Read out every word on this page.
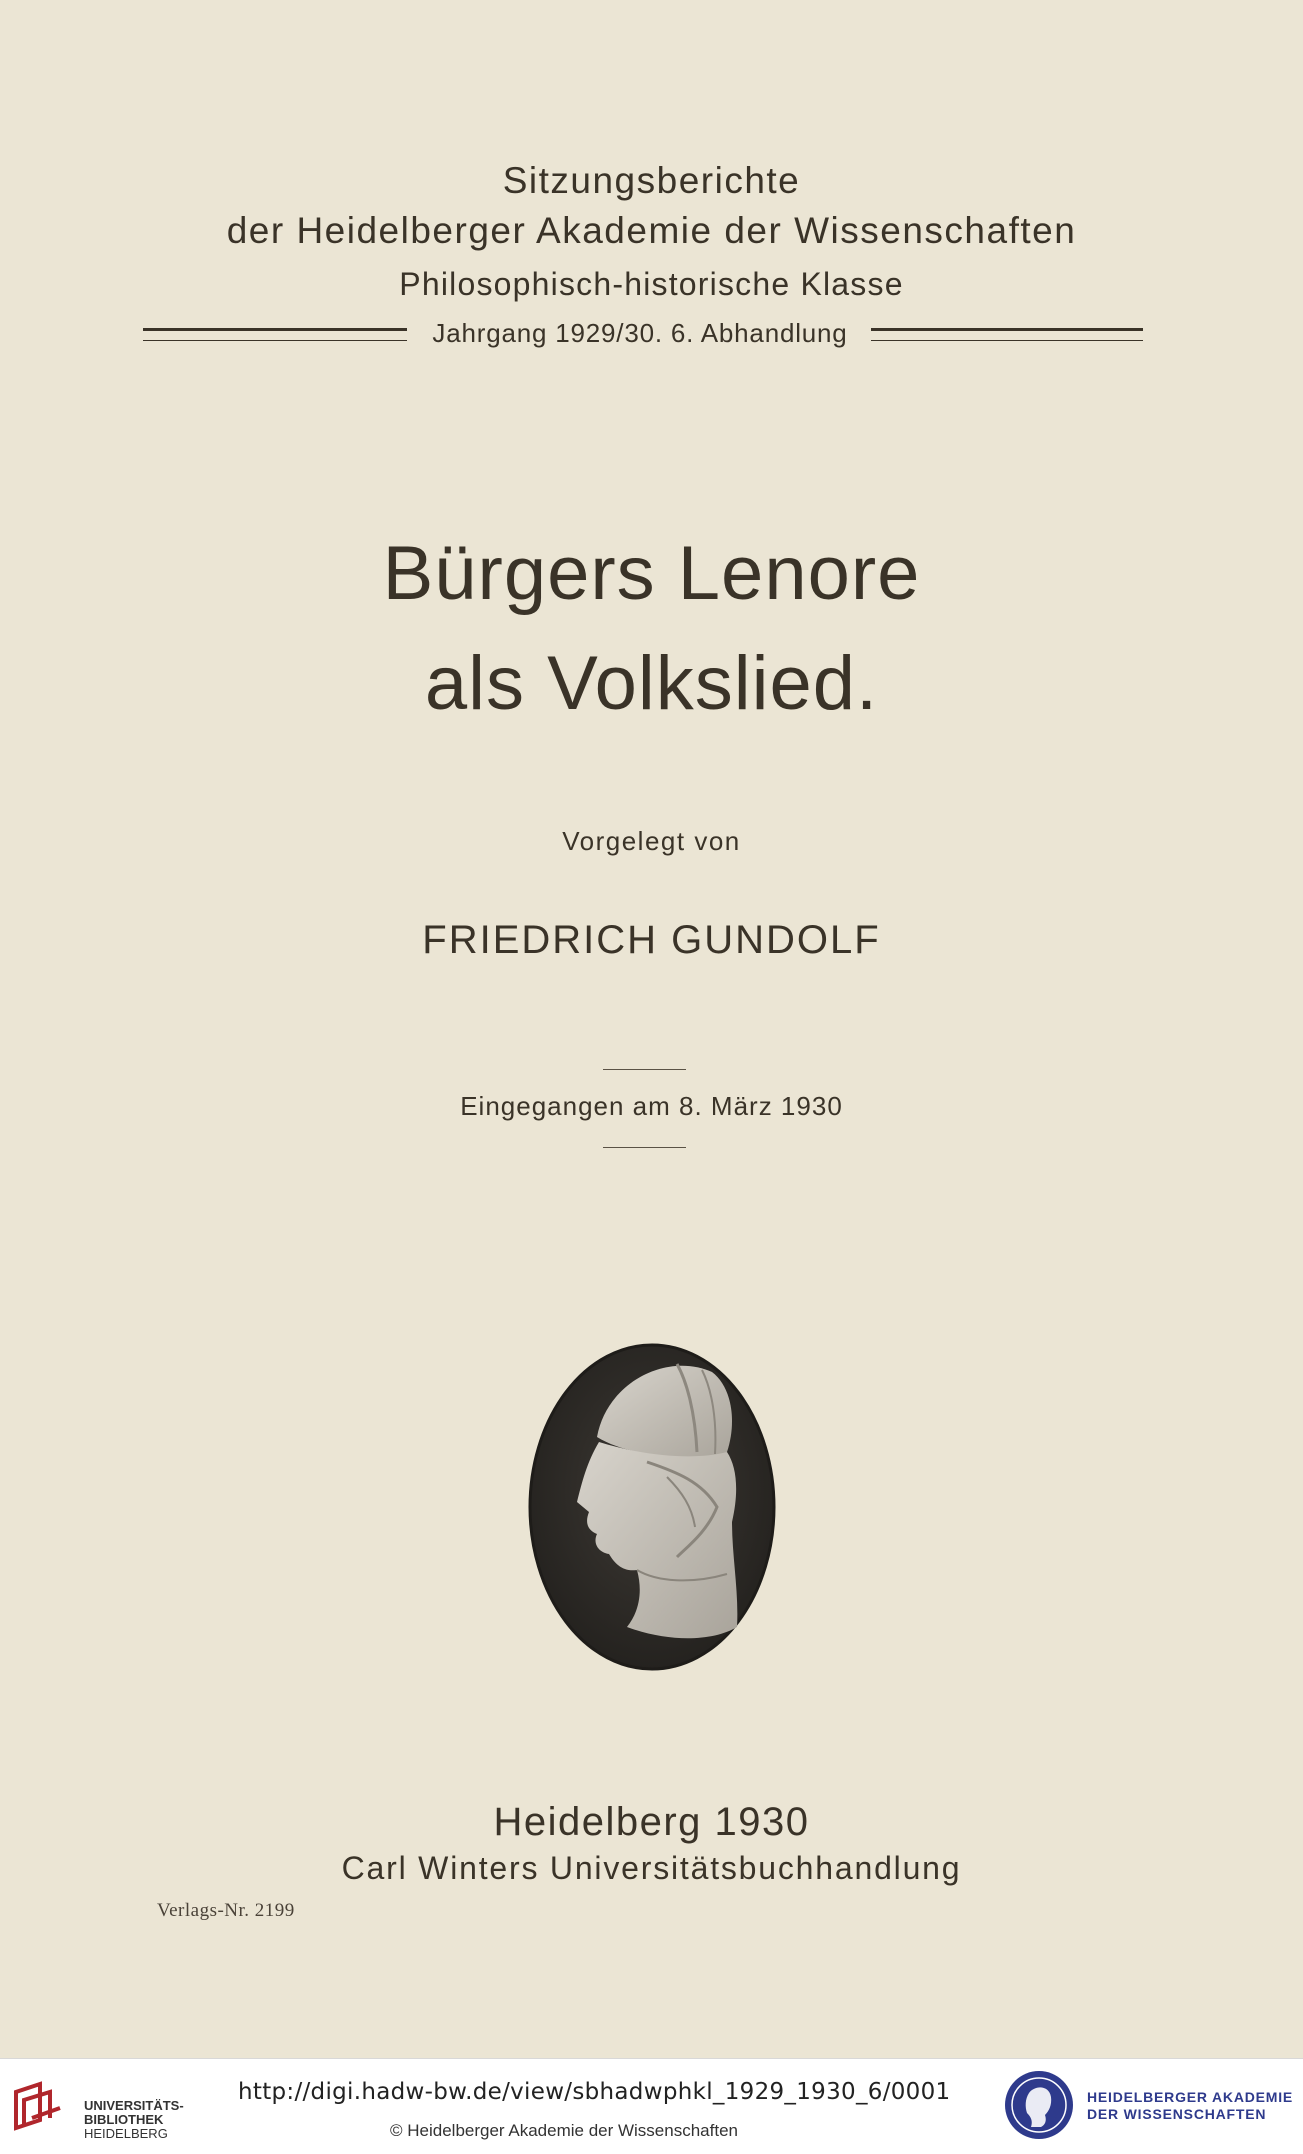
Sitzungsberichte
der Heidelberger Akademie der Wissenschaften
Philosophisch-historische Klasse
Jahrgang 1929/30. 6. Abhandlung
Bürgers Lenore
als Volkslied.
Vorgelegt von
FRIEDRICH GUNDOLF
Eingegangen am 8. März 1930
Heidelberg 1930
Carl Winters Universitätsbuchhandlung
Verlags-Nr. 2199
UNIVERSITÄTS-
BIBLIOTHEK
HEIDELBERG
http://digi.hadw-bw.de/view/sbhadwphkl_1929_1930_6/0001
© Heidelberger Akademie der Wissenschaften
HEIDELBERGER AKADEMIE
DER WISSENSCHAFTEN
